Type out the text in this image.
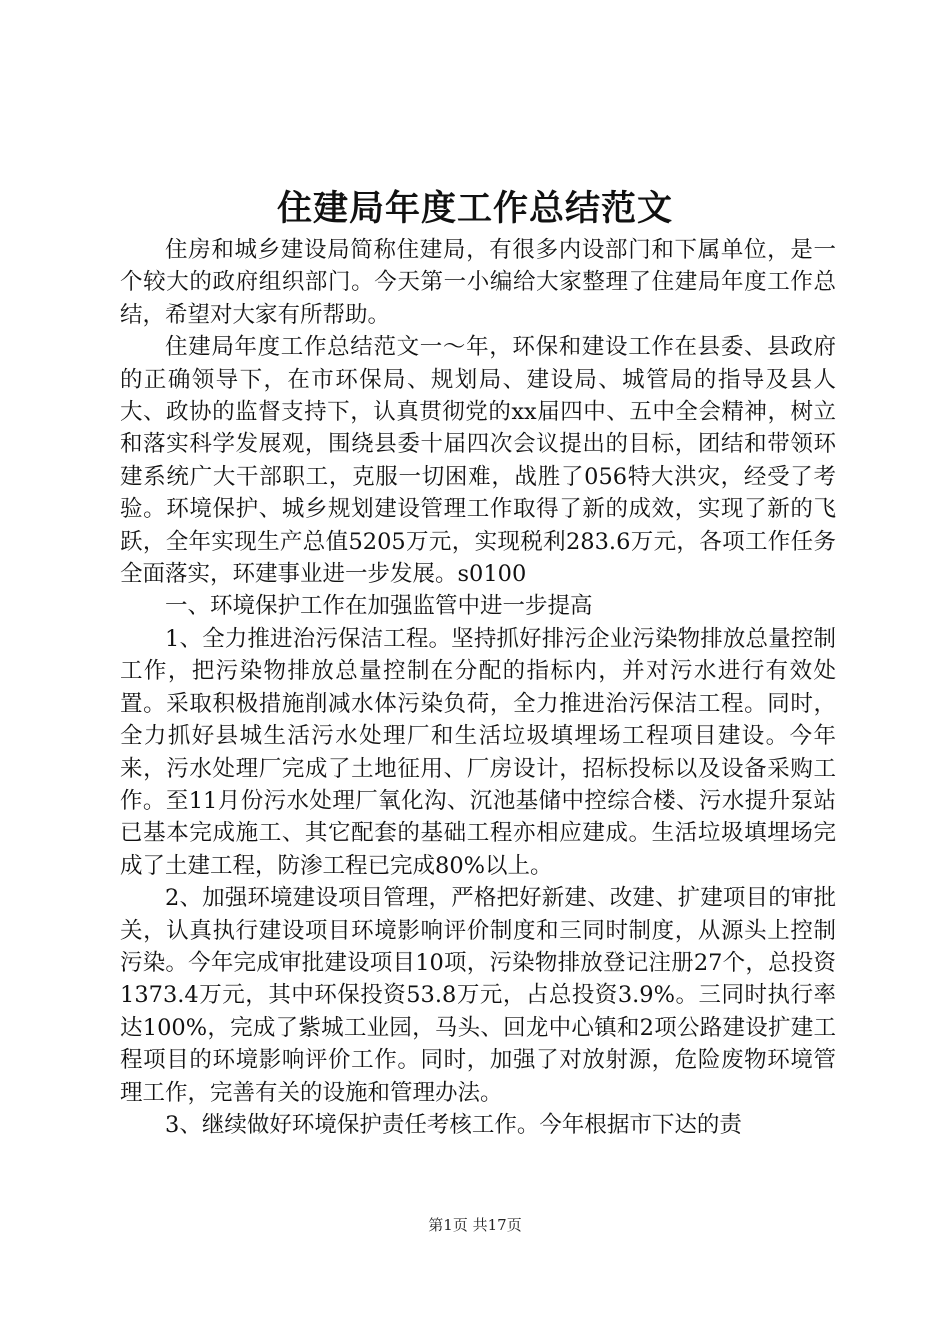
住建局年度工作总结范文

住房和城乡建设局简称住建局，有很多内设部门和下属单位，是一个较大的政府组织部门。今天第一小编给大家整理了住建局年度工作总结，希望对大家有所帮助。

住建局年度工作总结范文一～年，环保和建设工作在县委、县政府的正确领导下，在市环保局、规划局、建设局、城管局的指导及县人大、政协的监督支持下，认真贯彻党的xx届四中、五中全会精神，树立和落实科学发展观，围绕县委十届四次会议提出的目标，团结和带领环建系统广大干部职工，克服一切困难，战胜了056特大洪灾，经受了考验。环境保护、城乡规划建设管理工作取得了新的成效，实现了新的飞跃，全年实现生产总值5205万元，实现税利283.6万元，各项工作任务全面落实，环建事业进一步发展。s0100

一、环境保护工作在加强监管中进一步提高

1、全力推进治污保洁工程。坚持抓好排污企业污染物排放总量控制工作，把污染物排放总量控制在分配的指标内，并对污水进行有效处置。采取积极措施削减水体污染负荷，全力推进治污保洁工程。同时，全力抓好县城生活污水处理厂和生活垃圾填埋场工程项目建设。今年来，污水处理厂完成了土地征用、厂房设计，招标投标以及设备采购工作。至11月份污水处理厂氧化沟、沉池基储中控综合楼、污水提升泵站已基本完成施工、其它配套的基础工程亦相应建成。生活垃圾填埋场完成了土建工程，防渗工程已完成80%以上。

2、加强环境建设项目管理，严格把好新建、改建、扩建项目的审批关，认真执行建设项目环境影响评价制度和三同时制度，从源头上控制污染。今年完成审批建设项目10项，污染物排放登记注册27个，总投资1373.4万元，其中环保投资53.8万元，占总投资3.9%。三同时执行率达100%，完成了紫城工业园，马头、回龙中心镇和2项公路建设扩建工程项目的环境影响评价工作。同时，加强了对放射源，危险废物环境管理工作，完善有关的设施和管理办法。

3、继续做好环境保护责任考核工作。今年根据市下达的责

第1页 共17页
